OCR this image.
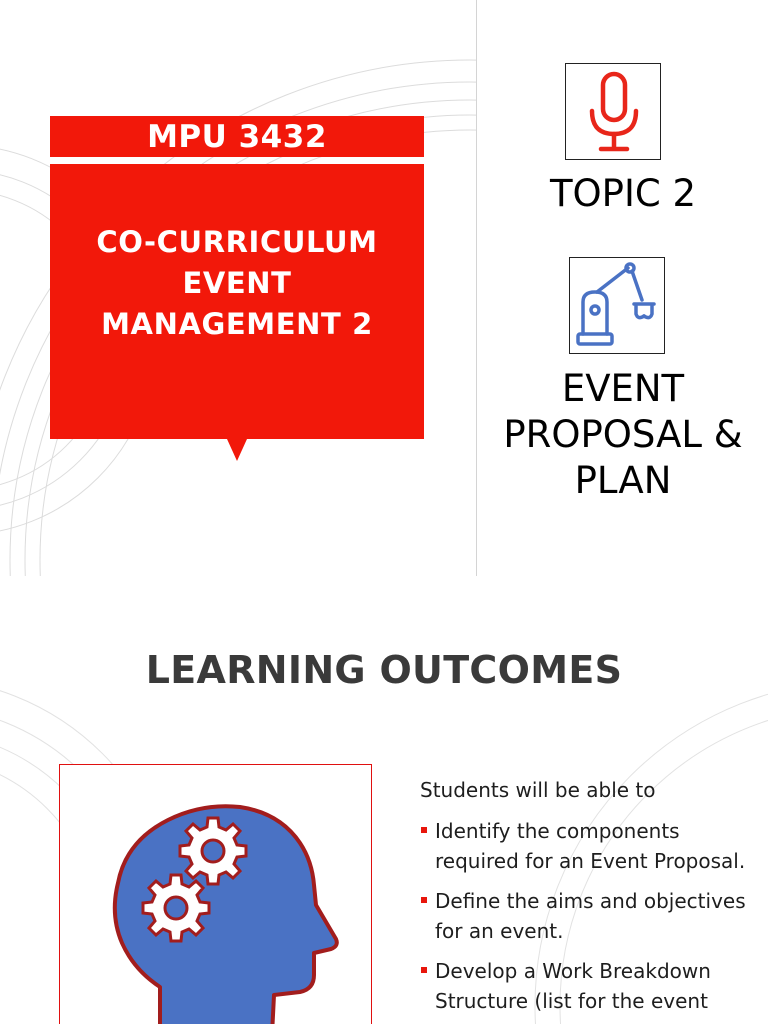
MPU 3432
CO-CURRICULUM
EVENT
MANAGEMENT 2
TOPIC 2
EVENT
PROPOSAL &
PLAN
LEARNING OUTCOMES
Students will be able to
Identify the components required for an Event Proposal.
Define the aims and objectives for an event.
Develop a Work Breakdown Structure (list for the event
